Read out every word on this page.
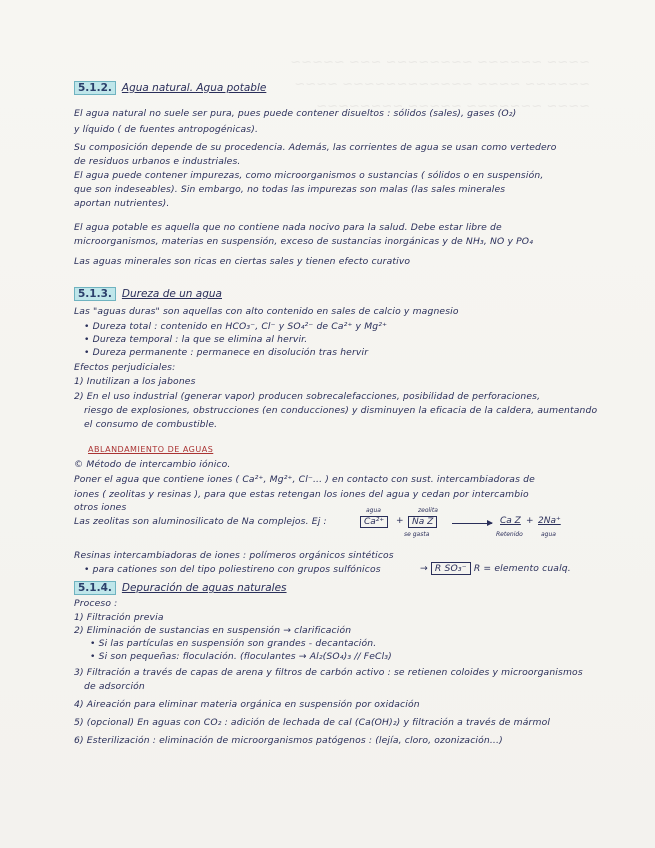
~~~~ ~~~~~~ ~~~~~~~~ ~~~ ~~~~~
~~~~~~ ~~~~ ~~~~~~~~~~~~ ~~~~
~~~~ ~~~~~~~ ~~~~~ ~~~~~~~~
5.1.2. Agua natural. Agua potable
El agua natural no suele ser pura, pues puede contener disueltos : sólidos (sales), gases (O₂)
y líquido ( de fuentes antropogénicas).
Su composición depende de su procedencia. Además, las corrientes de agua se usan como vertedero
de residuos urbanos e industriales.
El agua puede contener impurezas, como microorganismos o sustancias ( sólidos o en suspensión,
que son indeseables). Sin embargo, no todas las impurezas son malas (las sales minerales
aportan nutrientes).
El agua potable es aquella que no contiene nada nocivo para la salud. Debe estar libre de
microorganismos, materias en suspensión, exceso de sustancias inorgánicas y de NH₃, NO y PO₄
Las aguas minerales son ricas en ciertas sales y tienen efecto curativo
5.1.3. Dureza de un agua
Las "aguas duras" son aquellas con alto contenido en sales de calcio y magnesio
• Dureza total : contenido en HCO₃⁻, Cl⁻ y SO₄²⁻ de Ca²⁺ y Mg²⁺
• Dureza temporal : la que se elimina al hervir.
• Dureza permanente : permanece en disolución tras hervir
Efectos perjudiciales:
1) Inutilizan a los jabones
2) En el uso industrial (generar vapor) producen sobrecalefacciones, posibilidad de perforaciones,
riesgo de explosiones, obstrucciones (en conducciones) y disminuyen la eficacia de la caldera, aumentando
el consumo de combustible.
ABLANDAMIENTO DE AGUAS
© Método de intercambio iónico.
Poner el agua que contiene iones ( Ca²⁺, Mg²⁺, Cl⁻... ) en contacto con sust. intercambiadoras de
iones ( zeolitas y resinas ), para que estas retengan los iones del agua y cedan por intercambio
otros iones
Las zeolitas son aluminosilicato de Na complejos. Ej :
agua	zeolita
Ca²⁺	+ Na Z
se gasta
Ca Z
Retenido
+ 2Na⁺
agua
Resinas intercambiadoras de iones : polímeros orgánicos sintéticos
• para cationes son del tipo poliestireno con grupos sulfónicos	→ R SO₃⁻ R = elemento cualq.
5.1.4. Depuración de aguas naturales
Proceso :
1) Filtración previa
2) Eliminación de sustancias en suspensión → clarificación
• Si las partículas en suspensión son grandes - decantación.
• Si son pequeñas: floculación. (floculantes → Al₂(SO₄)₃ // FeCl₃)
3) Filtración a través de capas de arena y filtros de carbón activo : se retienen coloides y microorganismos
de adsorción
4) Aireación para eliminar materia orgánica en suspensión por oxidación
5) (opcional) En aguas con CO₂ : adición de lechada de cal (Ca(OH)₂) y filtración a través de mármol
6) Esterilización : eliminación de microorganismos patógenos : (lejía, cloro, ozonización...)
